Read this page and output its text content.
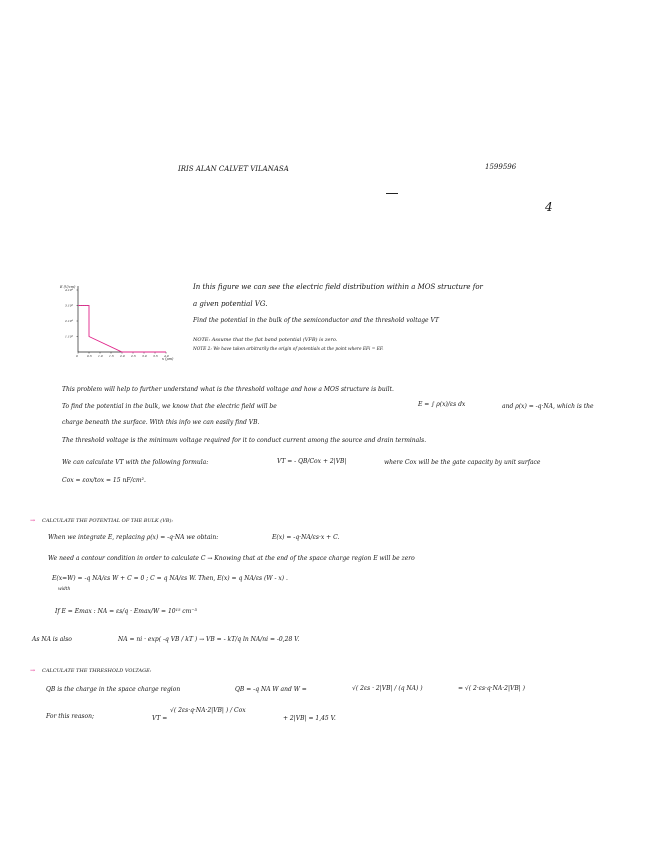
IRIS ALAN CALVET VILANASA	1599596
4
E (V/cm)
x (µm)
0	0.5 1.0 1.5	2.0	2.5 3.0 3.5	4.0
4.10⁴
3.10⁴
2.10⁴
1.10⁴
In this figure we can see the electric field distribution within a MOS structure for
a given potential VG.
Find the potential in the bulk of the semiconductor and the threshold voltage VT
NOTE: Assume that the flat band potential (VFB) is zero.
NOTE 2: We have taken arbitrarily the origin of potentials at the point where EFi = EF.
This problem will help to further understand what is the threshold voltage and how a MOS structure is built.
To find the potential in the bulk, we know that the electric field will be	E = ∫ ρ(x)/εs dx	and ρ(x) = -q·NA, which is the
charge beneath the surface. With this info we can easily find VB.
The threshold voltage is the minimum voltage required for it to conduct current among the source and drain terminals.
We can calculate VT with the following formula:	VT = - QB/Cox + 2|VB|	where Cox will be the gate capacity by unit surface
Cox = εox/tox = 15 nF/cm².
→ CALCULATE THE POTENTIAL OF THE BULK (VB):
When we integrate E, replacing ρ(x) = -q·NA we obtain:	E(x) = -q·NA/εs·x + C.
We need a contour condition in order to calculate C → Knowing that at the end of the space charge region E will be zero
E(x=W) = -q NA/εs W + C = 0 ; C = q NA/εs W. Then, E(x) = q NA/εs (W - x) .
width
If E = Emax : NA = εs/q · Emax/W = 10¹⁵ cm⁻³
As NA is also	NA = ni · exp( -q VB / kT ) → VB = - kT/q ln NA/ni = -0,28 V.
→ CALCULATE THE THRESHOLD VOLTAGE:
QB is the charge in the space charge region	QB = -q NA W and W =	√( 2εs · 2|VB| / (q NA) )	= √( 2·εs·q·NA·2|VB| )
For this reason;	VT =
√( 2εs·q·NA·2|VB| ) / Cox
+ 2|VB| = 1,45 V.
